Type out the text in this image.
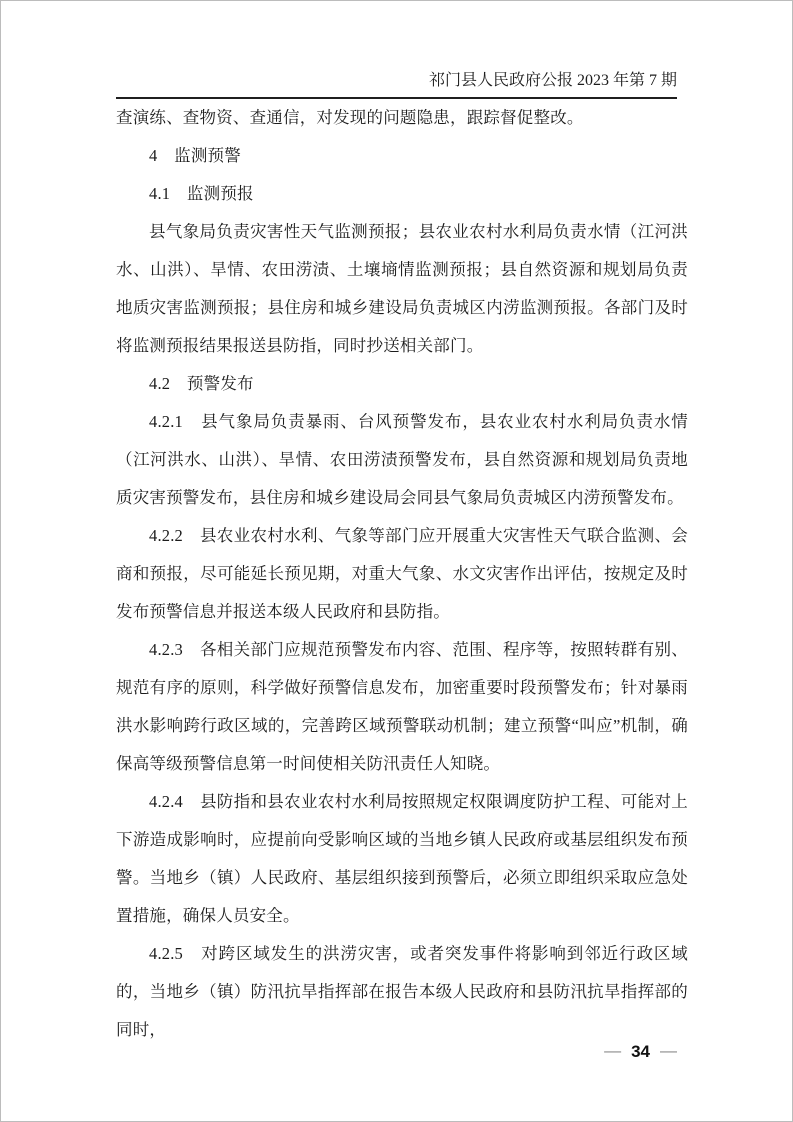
祁门县人民政府公报 2023 年第 7 期

查演练、查物资、查通信，对发现的问题隐患，跟踪督促整改。

4　监测预警

4.1　监测预报

县气象局负责灾害性天气监测预报；县农业农村水利局负责水情（江河洪水、山洪）、旱情、农田涝渍、土壤墒情监测预报；县自然资源和规划局负责地质灾害监测预报；县住房和城乡建设局负责城区内涝监测预报。各部门及时将监测预报结果报送县防指，同时抄送相关部门。

4.2　预警发布

4.2.1　县气象局负责暴雨、台风预警发布，县农业农村水利局负责水情（江河洪水、山洪）、旱情、农田涝渍预警发布，县自然资源和规划局负责地质灾害预警发布，县住房和城乡建设局会同县气象局负责城区内涝预警发布。

4.2.2　县农业农村水利、气象等部门应开展重大灾害性天气联合监测、会商和预报，尽可能延长预见期，对重大气象、水文灾害作出评估，按规定及时发布预警信息并报送本级人民政府和县防指。

4.2.3　各相关部门应规范预警发布内容、范围、程序等，按照转群有别、规范有序的原则，科学做好预警信息发布，加密重要时段预警发布；针对暴雨洪水影响跨行政区域的，完善跨区域预警联动机制；建立预警“叫应”机制，确保高等级预警信息第一时间使相关防汛责任人知晓。

4.2.4　县防指和县农业农村水利局按照规定权限调度防护工程、可能对上下游造成影响时，应提前向受影响区域的当地乡镇人民政府或基层组织发布预警。当地乡（镇）人民政府、基层组织接到预警后，必须立即组织采取应急处置措施，确保人员安全。

4.2.5　对跨区域发生的洪涝灾害，或者突发事件将影响到邻近行政区域的，当地乡（镇）防汛抗旱指挥部在报告本级人民政府和县防汛抗旱指挥部的同时，

— 34 —
